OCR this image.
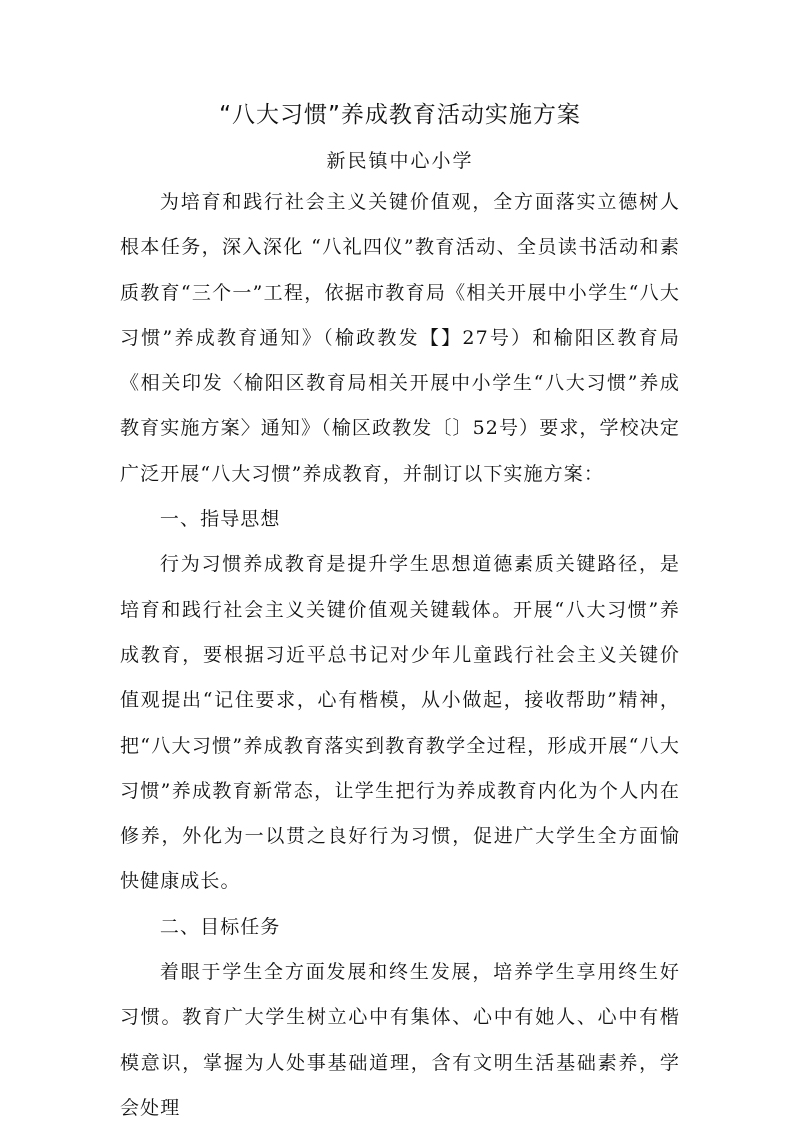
“八大习惯”养成教育活动实施方案
新民镇中心小学

为培育和践行社会主义关键价值观，全方面落实立德树人根本任务，深入深化 “八礼四仪”教育活动、全员读书活动和素质教育“三个一”工程，依据市教育局《相关开展中小学生“八大习惯”养成教育通知》（榆政教发【】27号）和榆阳区教育局《相关印发〈榆阳区教育局相关开展中小学生“八大习惯”养成教育实施方案〉通知》（榆区政教发〔〕52号）要求，学校决定广泛开展“八大习惯”养成教育，并制订以下实施方案：

一、指导思想

行为习惯养成教育是提升学生思想道德素质关键路径，是培育和践行社会主义关键价值观关键载体。开展“八大习惯”养成教育，要根据习近平总书记对少年儿童践行社会主义关键价值观提出“记住要求，心有楷模，从小做起，接收帮助”精神，把“八大习惯”养成教育落实到教育教学全过程，形成开展“八大习惯”养成教育新常态，让学生把行为养成教育内化为个人内在修养，外化为一以贯之良好行为习惯，促进广大学生全方面愉快健康成长。

二、目标任务

着眼于学生全方面发展和终生发展，培养学生享用终生好习惯。教育广大学生树立心中有集体、心中有她人、心中有楷模意识，掌握为人处事基础道理，含有文明生活基础素养，学会处理
